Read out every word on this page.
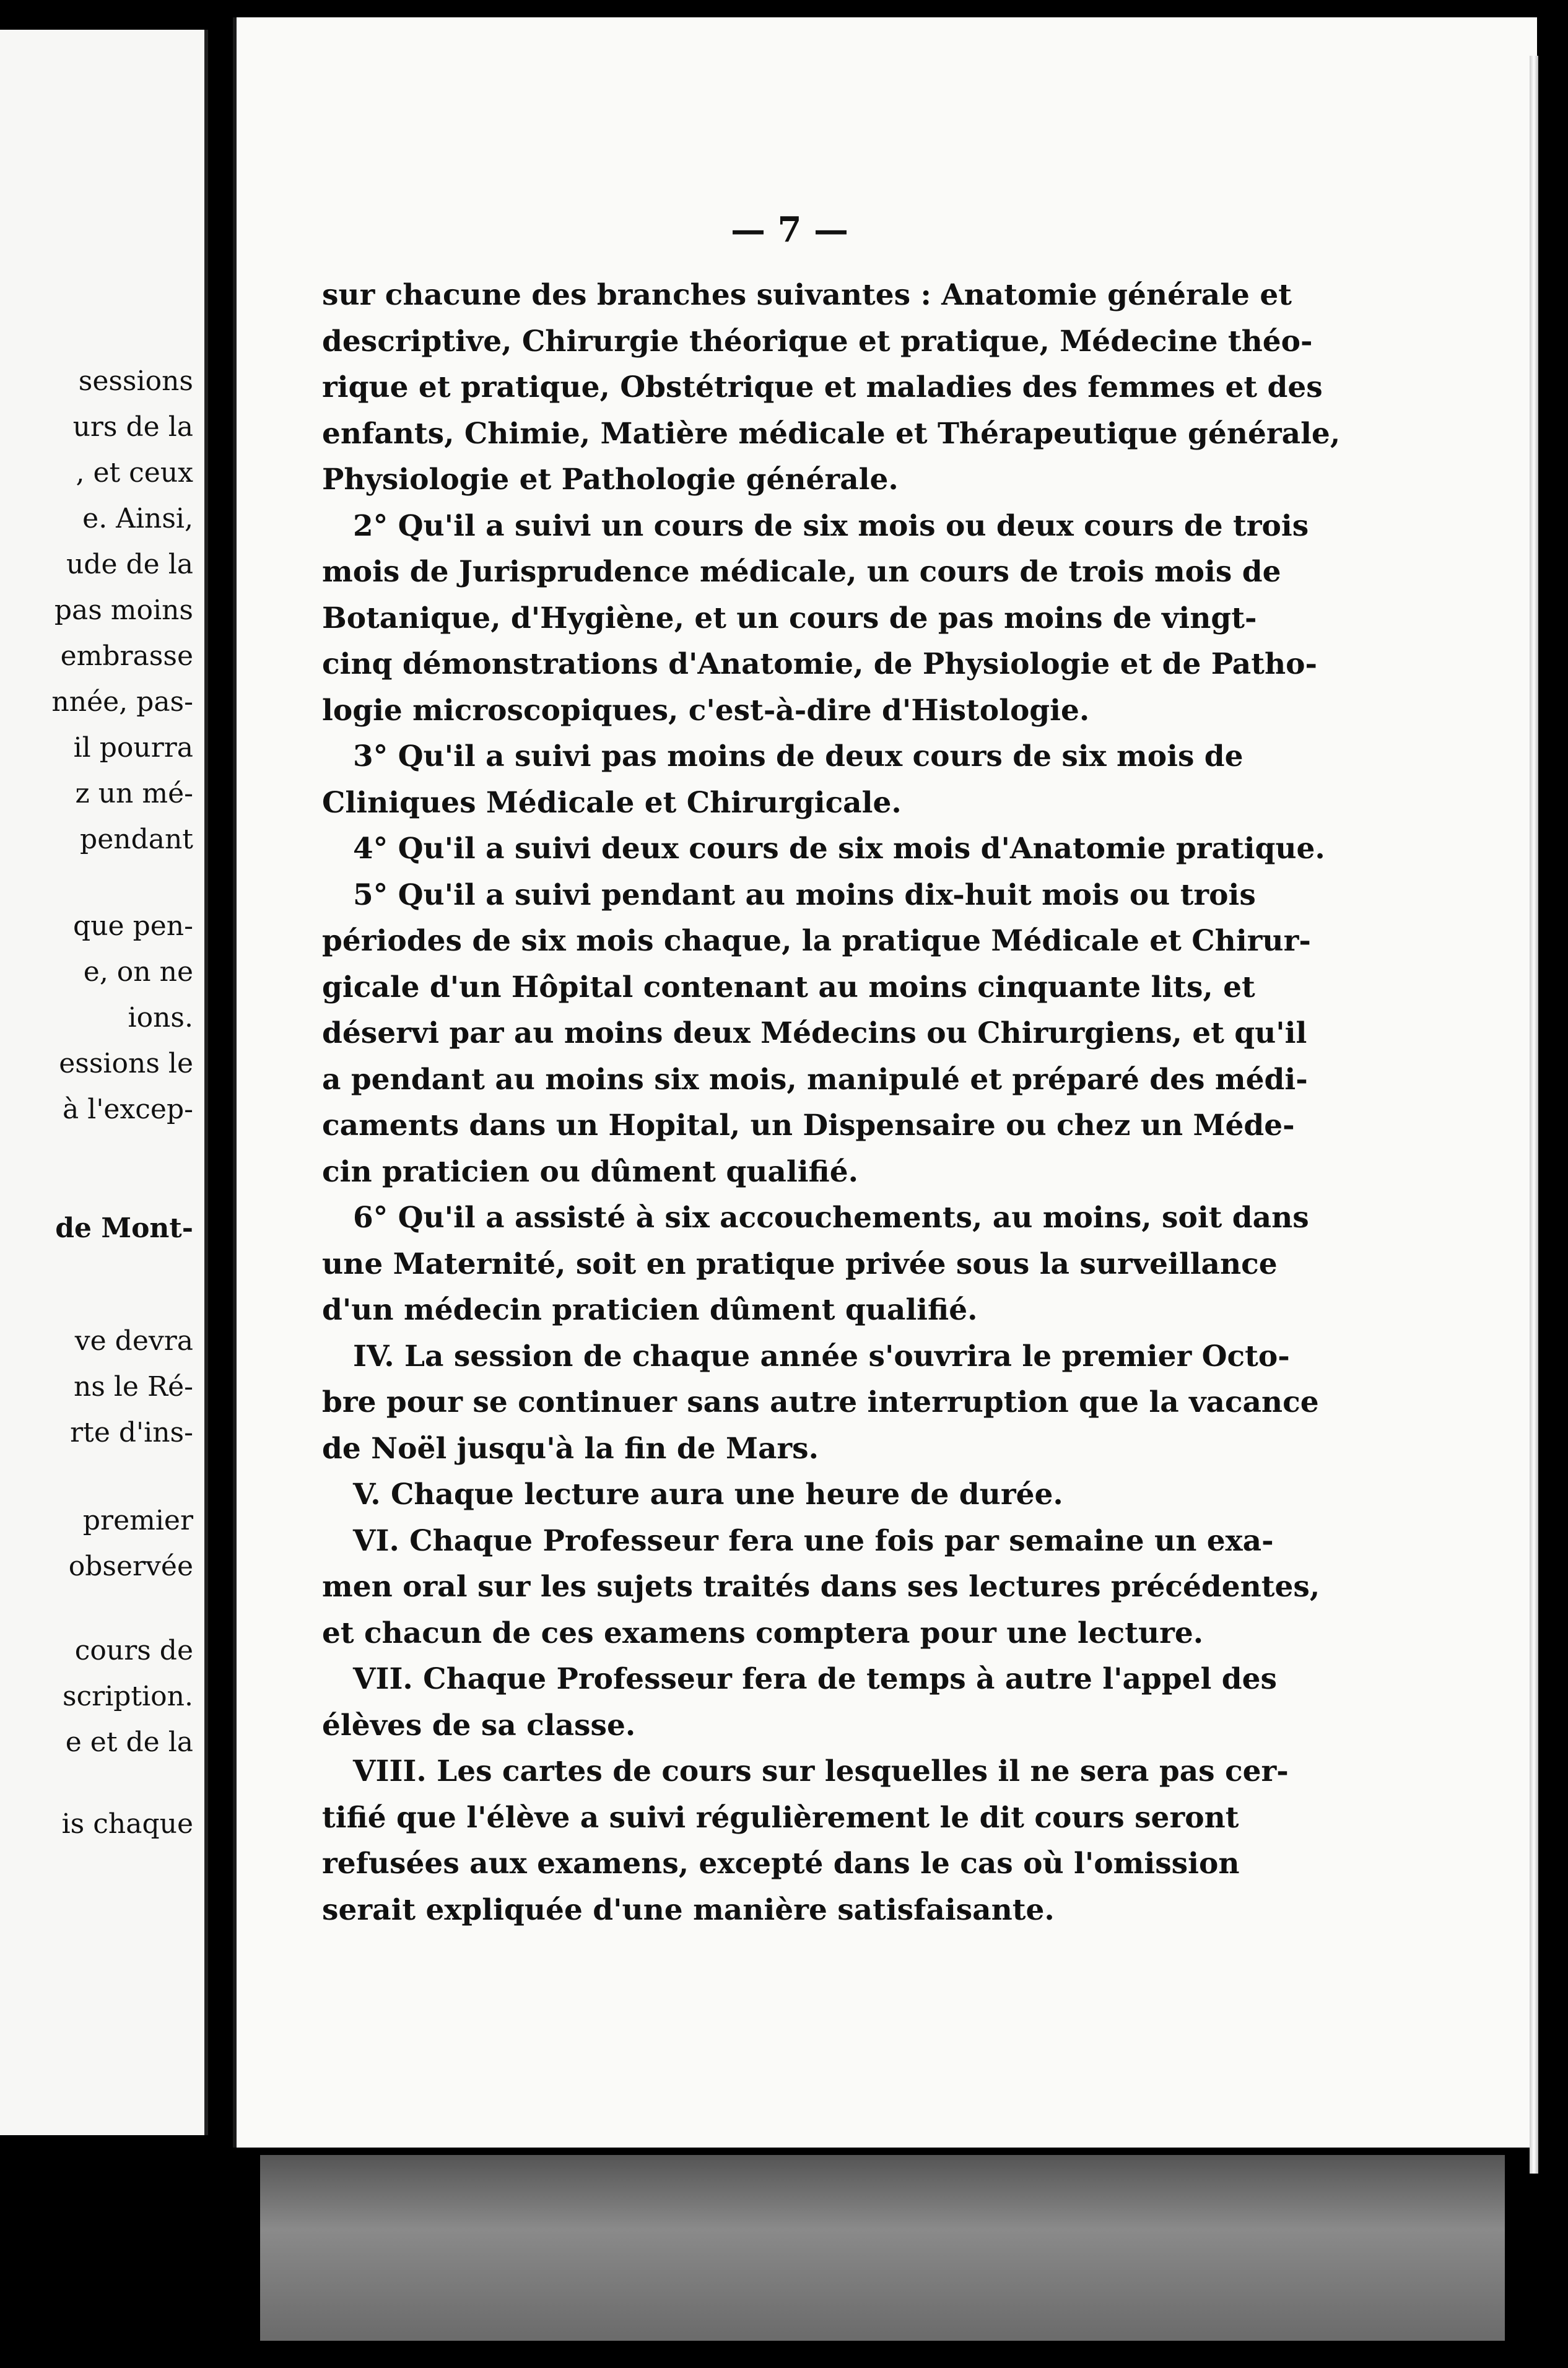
sessions
urs de la
, et ceux
e. Ainsi,
ude de la
pas moins
embrasse
nnée, pas-
il pourra
z un mé-
pendant
que pen-
e, on ne
ions.
essions le
à l'excep-
de Mont-
ve devra
ns le Ré-
rte d'ins-
premier
observée
cours de
scription.
e et de la
is chaque
— 7 —
sur chacune des branches suivantes : Anatomie générale et
descriptive, Chirurgie théorique et pratique, Médecine théo-
rique et pratique, Obstétrique et maladies des femmes et des
enfants, Chimie, Matière médicale et Thérapeutique générale,
Physiologie et Pathologie générale.
2° Qu'il a suivi un cours de six mois ou deux cours de trois
mois de Jurisprudence médicale, un cours de trois mois de
Botanique, d'Hygiène, et un cours de pas moins de vingt-
cinq démonstrations d'Anatomie, de Physiologie et de Patho-
logie microscopiques, c'est-à-dire d'Histologie.
3° Qu'il a suivi pas moins de deux cours de six mois de
Cliniques Médicale et Chirurgicale.
4° Qu'il a suivi deux cours de six mois d'Anatomie pratique.
5° Qu'il a suivi pendant au moins dix-huit mois ou trois
périodes de six mois chaque, la pratique Médicale et Chirur-
gicale d'un Hôpital contenant au moins cinquante lits, et
déservi par au moins deux Médecins ou Chirurgiens, et qu'il
a pendant au moins six mois, manipulé et préparé des médi-
caments dans un Hopital, un Dispensaire ou chez un Méde-
cin praticien ou dûment qualifié.
6° Qu'il a assisté à six accouchements, au moins, soit dans
une Maternité, soit en pratique privée sous la surveillance
d'un médecin praticien dûment qualifié.
IV. La session de chaque année s'ouvrira le premier Octo-
bre pour se continuer sans autre interruption que la vacance
de Noël jusqu'à la fin de Mars.
V. Chaque lecture aura une heure de durée.
VI. Chaque Professeur fera une fois par semaine un exa-
men oral sur les sujets traités dans ses lectures précédentes,
et chacun de ces examens comptera pour une lecture.
VII. Chaque Professeur fera de temps à autre l'appel des
élèves de sa classe.
VIII. Les cartes de cours sur lesquelles il ne sera pas cer-
tifié que l'élève a suivi régulièrement le dit cours seront
refusées aux examens, excepté dans le cas où l'omission
serait expliquée d'une manière satisfaisante.
